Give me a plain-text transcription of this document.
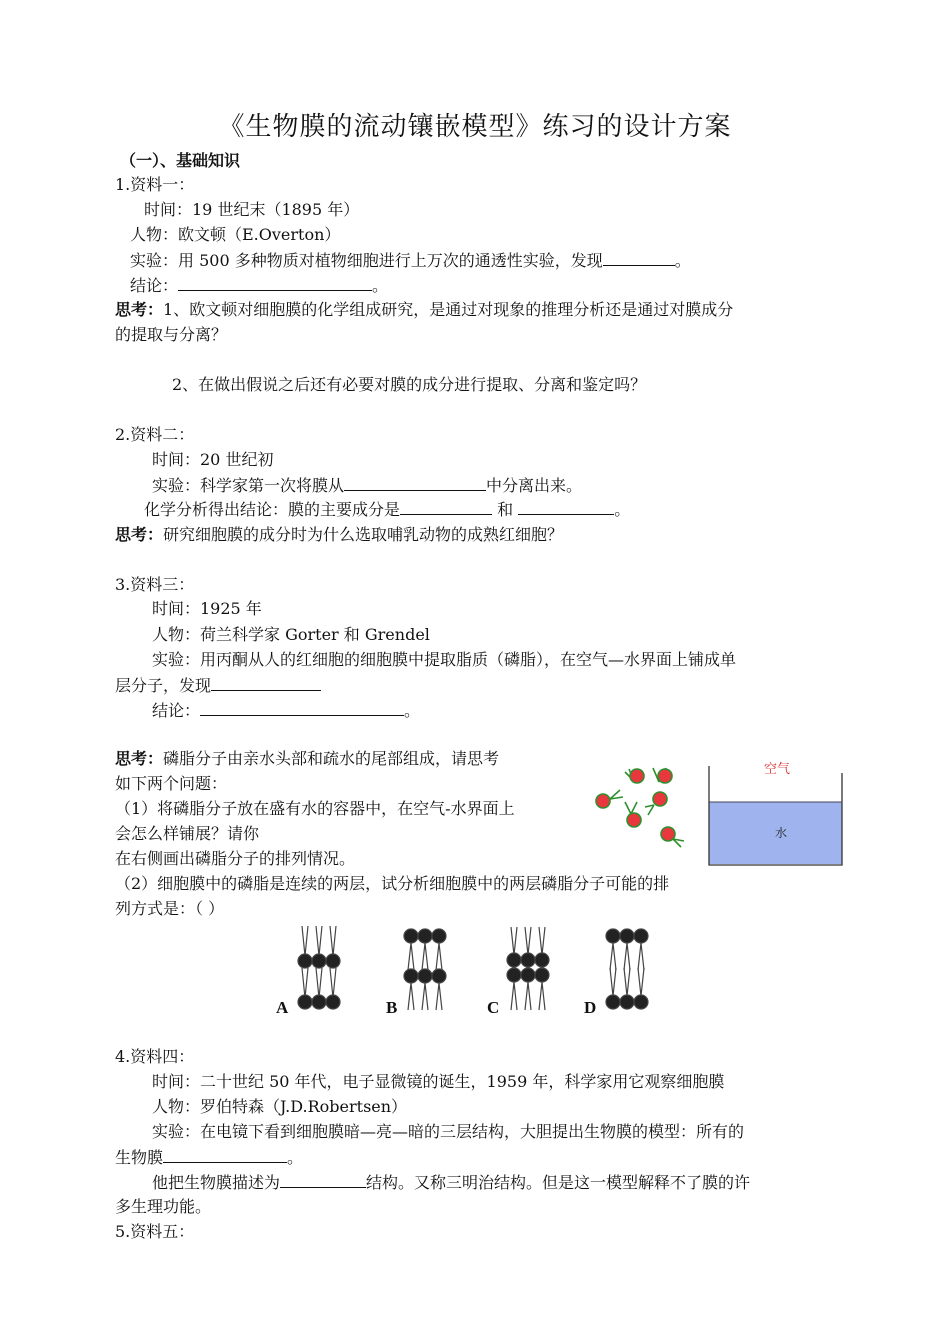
《生物膜的流动镶嵌模型》练习的设计方案
（一）、基础知识
1.资料一：
时间：19 世纪末（1895 年）
人物：欧文顿（E.Overton）
实验：用 500 多种物质对植物细胞进行上万次的通透性实验，发现	。
结论：	。
思考：1、欧文顿对细胞膜的化学组成研究，是通过对现象的推理分析还是通过对膜成分
的提取与分离？
2、在做出假说之后还有必要对膜的成分进行提取、分离和鉴定吗？
2.资料二：
时间：20 世纪初
实验：科学家第一次将膜从	中分离出来。
化学分析得出结论：膜的主要成分是	和	。
思考：研究细胞膜的成分时为什么选取哺乳动物的成熟红细胞？
3.资料三：
时间：1925 年
人物：荷兰科学家 Gorter 和 Grendel
实验：用丙酮从人的红细胞的细胞膜中提取脂质（磷脂），在空气—水界面上铺成单
层分子，发现
结论：	。
思考：磷脂分子由亲水头部和疏水的尾部组成，请思考
如下两个问题：
（1）将磷脂分子放在盛有水的容器中，在空气-水界面上
会怎么样铺展？请你
在右侧画出磷脂分子的排列情况。
（2）细胞膜中的磷脂是连续的两层，试分析细胞膜中的两层磷脂分子可能的排
列方式是：（ ）
空气
水
A	B	C	D
4.资料四：
时间：二十世纪 50 年代，电子显微镜的诞生，1959 年，科学家用它观察细胞膜
人物：罗伯特森（J.D.Robertsen）
实验：在电镜下看到细胞膜暗—亮—暗的三层结构，大胆提出生物膜的模型：所有的
生物膜	。
他把生物膜描述为	结构。又称三明治结构。但是这一模型解释不了膜的许
多生理功能。
5.资料五：
